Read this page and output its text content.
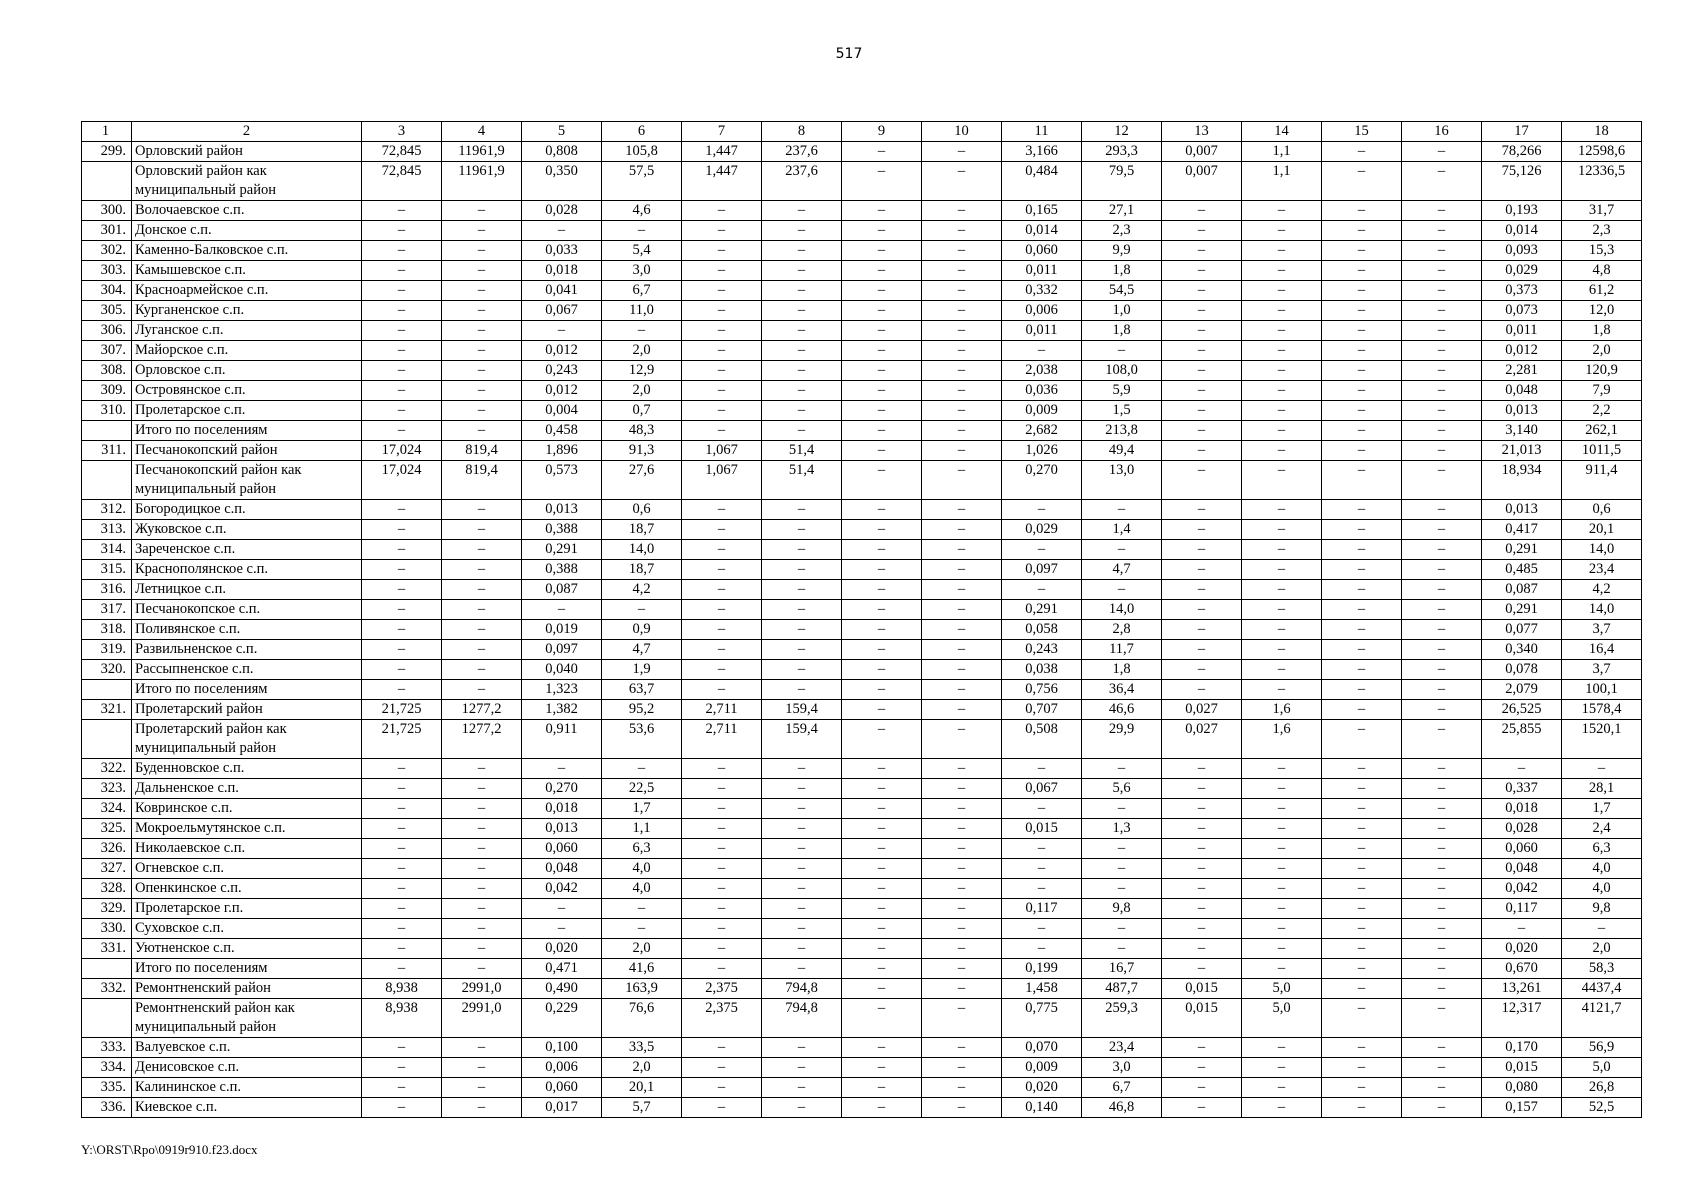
517
1	2	3	4	5	6	7	8	9	10	11	12	13	14	15	16	17	18
299.	Орловский район	72,845	11961,9	0,808	105,8	1,447	237,6	–	–	3,166	293,3	0,007	1,1	–	–	78,266	12598,6
	Орловский район как муниципальный район	72,845	11961,9	0,350	57,5	1,447	237,6	–	–	0,484	79,5	0,007	1,1	–	–	75,126	12336,5
300.	Волочаевское с.п.	–	–	0,028	4,6	–	–	–	–	0,165	27,1	–	–	–	–	0,193	31,7
301.	Донское с.п.	–	–	–	–	–	–	–	–	0,014	2,3	–	–	–	–	0,014	2,3
302.	Каменно-Балковское с.п.	–	–	0,033	5,4	–	–	–	–	0,060	9,9	–	–	–	–	0,093	15,3
303.	Камышевское с.п.	–	–	0,018	3,0	–	–	–	–	0,011	1,8	–	–	–	–	0,029	4,8
304.	Красноармейское с.п.	–	–	0,041	6,7	–	–	–	–	0,332	54,5	–	–	–	–	0,373	61,2
305.	Курганенское с.п.	–	–	0,067	11,0	–	–	–	–	0,006	1,0	–	–	–	–	0,073	12,0
306.	Луганское с.п.	–	–	–	–	–	–	–	–	0,011	1,8	–	–	–	–	0,011	1,8
307.	Майорское с.п.	–	–	0,012	2,0	–	–	–	–	–	–	–	–	–	–	0,012	2,0
308.	Орловское с.п.	–	–	0,243	12,9	–	–	–	–	2,038	108,0	–	–	–	–	2,281	120,9
309.	Островянское с.п.	–	–	0,012	2,0	–	–	–	–	0,036	5,9	–	–	–	–	0,048	7,9
310.	Пролетарское с.п.	–	–	0,004	0,7	–	–	–	–	0,009	1,5	–	–	–	–	0,013	2,2
	Итого по поселениям	–	–	0,458	48,3	–	–	–	–	2,682	213,8	–	–	–	–	3,140	262,1
311.	Песчанокопский район	17,024	819,4	1,896	91,3	1,067	51,4	–	–	1,026	49,4	–	–	–	–	21,013	1011,5
	Песчанокопский район как муниципальный район	17,024	819,4	0,573	27,6	1,067	51,4	–	–	0,270	13,0	–	–	–	–	18,934	911,4
312.	Богородицкое с.п.	–	–	0,013	0,6	–	–	–	–	–	–	–	–	–	–	0,013	0,6
313.	Жуковское с.п.	–	–	0,388	18,7	–	–	–	–	0,029	1,4	–	–	–	–	0,417	20,1
314.	Зареченское с.п.	–	–	0,291	14,0	–	–	–	–	–	–	–	–	–	–	0,291	14,0
315.	Краснополянское с.п.	–	–	0,388	18,7	–	–	–	–	0,097	4,7	–	–	–	–	0,485	23,4
316.	Летницкое с.п.	–	–	0,087	4,2	–	–	–	–	–	–	–	–	–	–	0,087	4,2
317.	Песчанокопское с.п.	–	–	–	–	–	–	–	–	0,291	14,0	–	–	–	–	0,291	14,0
318.	Поливянское с.п.	–	–	0,019	0,9	–	–	–	–	0,058	2,8	–	–	–	–	0,077	3,7
319.	Развильненское с.п.	–	–	0,097	4,7	–	–	–	–	0,243	11,7	–	–	–	–	0,340	16,4
320.	Рассыпненское с.п.	–	–	0,040	1,9	–	–	–	–	0,038	1,8	–	–	–	–	0,078	3,7
	Итого по поселениям	–	–	1,323	63,7	–	–	–	–	0,756	36,4	–	–	–	–	2,079	100,1
321.	Пролетарский район	21,725	1277,2	1,382	95,2	2,711	159,4	–	–	0,707	46,6	0,027	1,6	–	–	26,525	1578,4
	Пролетарский район как муниципальный район	21,725	1277,2	0,911	53,6	2,711	159,4	–	–	0,508	29,9	0,027	1,6	–	–	25,855	1520,1
322.	Буденновское с.п.	–	–	–	–	–	–	–	–	–	–	–	–	–	–	–	–
323.	Дальненское с.п.	–	–	0,270	22,5	–	–	–	–	0,067	5,6	–	–	–	–	0,337	28,1
324.	Ковринское с.п.	–	–	0,018	1,7	–	–	–	–	–	–	–	–	–	–	0,018	1,7
325.	Мокроельмутянское с.п.	–	–	0,013	1,1	–	–	–	–	0,015	1,3	–	–	–	–	0,028	2,4
326.	Николаевское с.п.	–	–	0,060	6,3	–	–	–	–	–	–	–	–	–	–	0,060	6,3
327.	Огневское с.п.	–	–	0,048	4,0	–	–	–	–	–	–	–	–	–	–	0,048	4,0
328.	Опенкинское с.п.	–	–	0,042	4,0	–	–	–	–	–	–	–	–	–	–	0,042	4,0
329.	Пролетарское г.п.	–	–	–	–	–	–	–	–	0,117	9,8	–	–	–	–	0,117	9,8
330.	Суховское с.п.	–	–	–	–	–	–	–	–	–	–	–	–	–	–	–	–
331.	Уютненское с.п.	–	–	0,020	2,0	–	–	–	–	–	–	–	–	–	–	0,020	2,0
	Итого по поселениям	–	–	0,471	41,6	–	–	–	–	0,199	16,7	–	–	–	–	0,670	58,3
332.	Ремонтненский район	8,938	2991,0	0,490	163,9	2,375	794,8	–	–	1,458	487,7	0,015	5,0	–	–	13,261	4437,4
	Ремонтненский район как муниципальный район	8,938	2991,0	0,229	76,6	2,375	794,8	–	–	0,775	259,3	0,015	5,0	–	–	12,317	4121,7
333.	Валуевское с.п.	–	–	0,100	33,5	–	–	–	–	0,070	23,4	–	–	–	–	0,170	56,9
334.	Денисовское с.п.	–	–	0,006	2,0	–	–	–	–	0,009	3,0	–	–	–	–	0,015	5,0
335.	Калининское с.п.	–	–	0,060	20,1	–	–	–	–	0,020	6,7	–	–	–	–	0,080	26,8
336.	Киевское с.п.	–	–	0,017	5,7	–	–	–	–	0,140	46,8	–	–	–	–	0,157	52,5
Y:\ORST\Rpo\0919r910.f23.docx
